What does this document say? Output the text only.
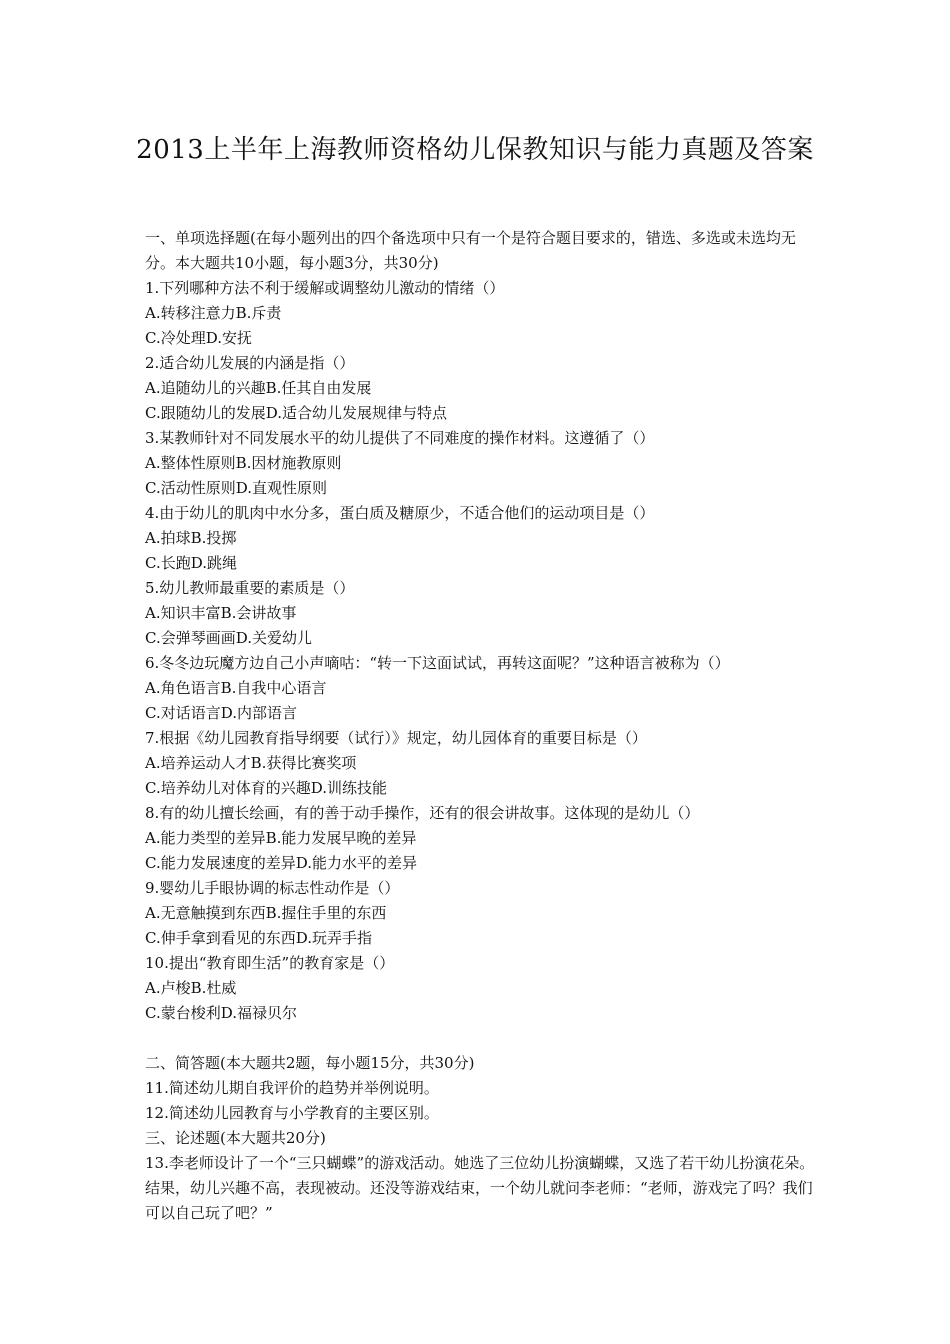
2013上半年上海教师资格幼儿保教知识与能力真题及答案

一、单项选择题(在每小题列出的四个备选项中只有一个是符合题目要求的，错选、多选或未选均无分。本大题共10小题，每小题3分，共30分)

1.下列哪种方法不利于缓解或调整幼儿激动的情绪（）

A.转移注意力B.斥责

C.冷处理D.安抚

2.适合幼儿发展的内涵是指（）

A.追随幼儿的兴趣B.任其自由发展

C.跟随幼儿的发展D.适合幼儿发展规律与特点

3.某教师针对不同发展水平的幼儿提供了不同难度的操作材料。这遵循了（）

A.整体性原则B.因材施教原则

C.活动性原则D.直观性原则

4.由于幼儿的肌肉中水分多，蛋白质及糖原少，不适合他们的运动项目是（）

A.拍球B.投掷

C.长跑D.跳绳

5.幼儿教师最重要的素质是（）

A.知识丰富B.会讲故事

C.会弹琴画画D.关爱幼儿

6.冬冬边玩魔方边自己小声嘀咕：“转一下这面试试，再转这面呢？”这种语言被称为（）

A.角色语言B.自我中心语言

C.对话语言D.内部语言

7.根据《幼儿园教育指导纲要（试行）》规定，幼儿园体育的重要目标是（）

A.培养运动人才B.获得比赛奖项

C.培养幼儿对体育的兴趣D.训练技能

8.有的幼儿擅长绘画，有的善于动手操作，还有的很会讲故事。这体现的是幼儿（）

A.能力类型的差异B.能力发展早晚的差异

C.能力发展速度的差异D.能力水平的差异

9.婴幼儿手眼协调的标志性动作是（）

A.无意触摸到东西B.握住手里的东西

C.伸手拿到看见的东西D.玩弄手指

10.提出“教育即生活”的教育家是（）

A.卢梭B.杜威

C.蒙台梭利D.福禄贝尔

二、简答题(本大题共2题，每小题15分，共30分)

11.简述幼儿期自我评价的趋势并举例说明。

12.简述幼儿园教育与小学教育的主要区别。

三、论述题(本大题共20分)

13.李老师设计了一个“三只蝴蝶”的游戏活动。她选了三位幼儿扮演蝴蝶，又选了若干幼儿扮演花朵。结果，幼儿兴趣不高，表现被动。还没等游戏结束，一个幼儿就问李老师：“老师，游戏完了吗？我们可以自己玩了吧？”
